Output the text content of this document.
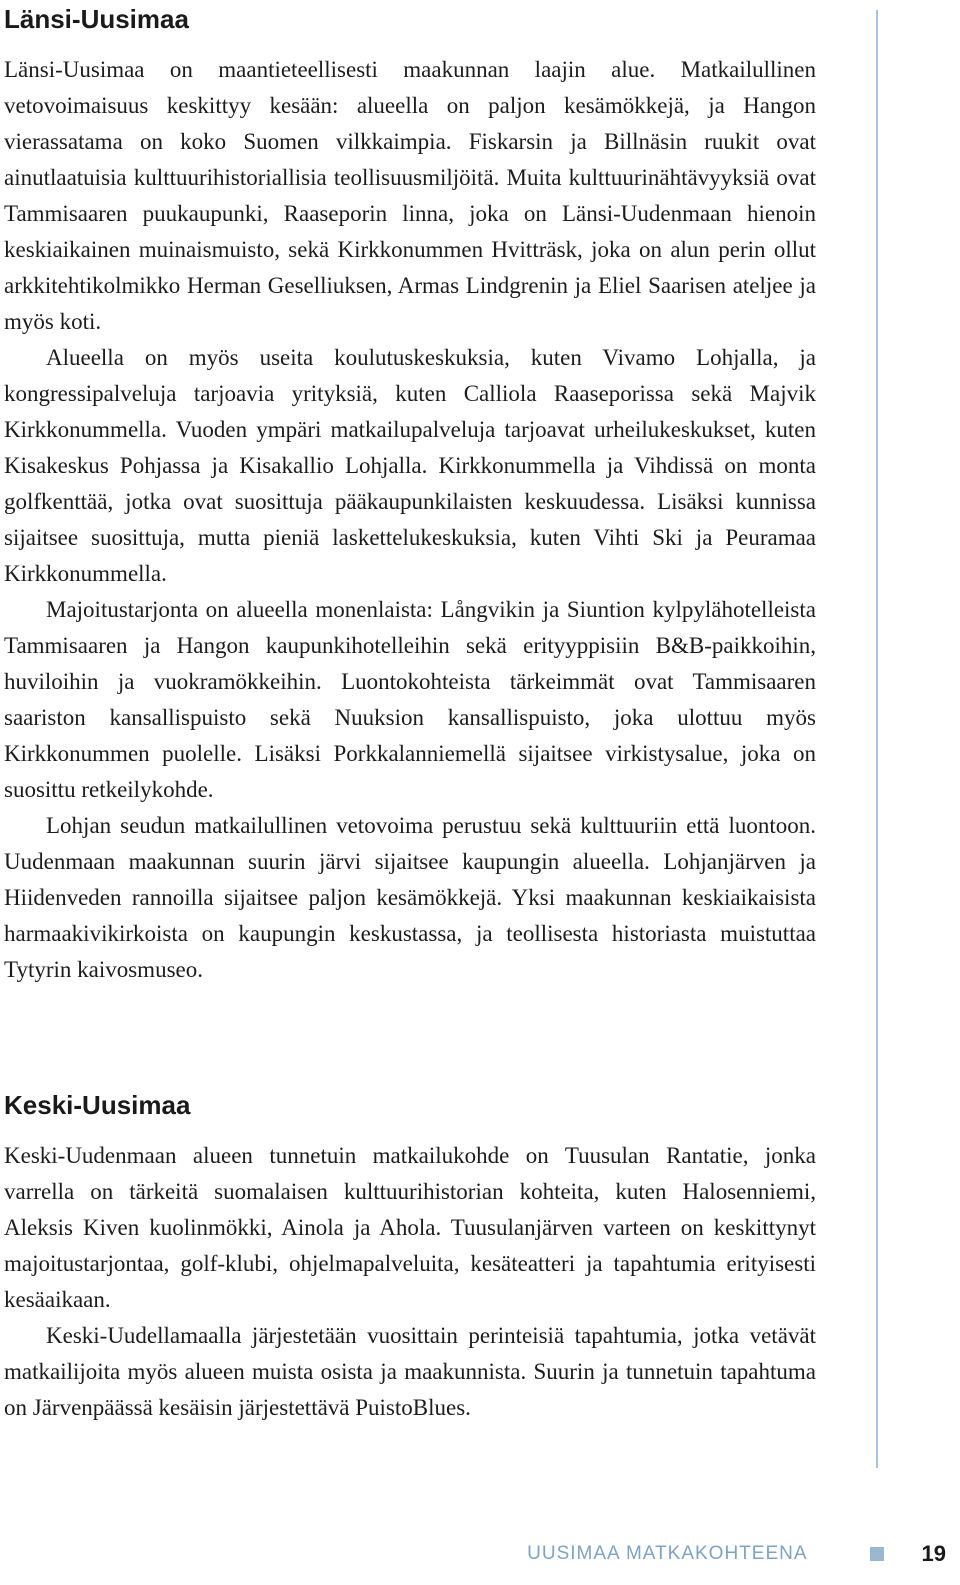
Länsi-Uusimaa

Länsi-Uusimaa on maantieteellisesti maakunnan laajin alue. Matkailullinen vetovoimaisuus keskittyy kesään: alueella on paljon kesämökkejä, ja Hangon vierassatama on koko Suomen vilkkaimpia. Fiskarsin ja Billnäsin ruukit ovat ainutlaatuisia kulttuurihistoriallisia teollisuusmiljöitä. Muita kulttuurinähtävyyksiä ovat Tammisaaren puukaupunki, Raaseporin linna, joka on Länsi-Uudenmaan hienoin keskiaikainen muinaismuisto, sekä Kirkkonummen Hvitträsk, joka on alun perin ollut arkkitehtikolmikko Herman Geselliuksen, Armas Lindgrenin ja Eliel Saarisen ateljee ja myös koti.

Alueella on myös useita koulutuskeskuksia, kuten Vivamo Lohjalla, ja kongressipalveluja tarjoavia yrityksiä, kuten Calliola Raaseporissa sekä Majvik Kirkkonummella. Vuoden ympäri matkailupalveluja tarjoavat urheilukeskukset, kuten Kisakeskus Pohjassa ja Kisakallio Lohjalla. Kirkkonummella ja Vihdissä on monta golfkenttää, jotka ovat suosittuja pääkaupunkilaisten keskuudessa. Lisäksi kunnissa sijaitsee suosittuja, mutta pieniä laskettelukeskuksia, kuten Vihti Ski ja Peuramaa Kirkkonummella.

Majoitustarjonta on alueella monenlaista: Långvikin ja Siuntion kylpylähotelleista Tammisaaren ja Hangon kaupunkihotelleihin sekä erityyppisiin B&B-paikkoihin, huviloihin ja vuokramökkeihin. Luontokohteista tärkeimmät ovat Tammisaaren saariston kansallispuisto sekä Nuuksion kansallispuisto, joka ulottuu myös Kirkkonummen puolelle. Lisäksi Porkkalanniemellä sijaitsee virkistysalue, joka on suosittu retkeilykohde.

Lohjan seudun matkailullinen vetovoima perustuu sekä kulttuuriin että luontoon. Uudenmaan maakunnan suurin järvi sijaitsee kaupungin alueella. Lohjanjärven ja Hiidenveden rannoilla sijaitsee paljon kesämökkejä. Yksi maakunnan keskiaikaisista harmaakivikirkoista on kaupungin keskustassa, ja teollisesta historiasta muistuttaa Tytyrin kaivosmuseo.

Keski-Uusimaa

Keski-Uudenmaan alueen tunnetuin matkailukohde on Tuusulan Rantatie, jonka varrella on tärkeitä suomalaisen kulttuurihistorian kohteita, kuten Halosenniemi, Aleksis Kiven kuolinmökki, Ainola ja Ahola. Tuusulanjärven varteen on keskittynyt majoitustarjontaa, golf-klubi, ohjelmapalveluita, kesäteatteri ja tapahtumia erityisesti kesäaikaan.

Keski-Uudellamaalla järjestetään vuosittain perinteisiä tapahtumia, jotka vetävät matkailijoita myös alueen muista osista ja maakunnista. Suurin ja tunnetuin tapahtuma on Järvenpäässä kesäisin järjestettävä PuistoBlues.

UUSIMAA MATKAKOHTEENA	19
